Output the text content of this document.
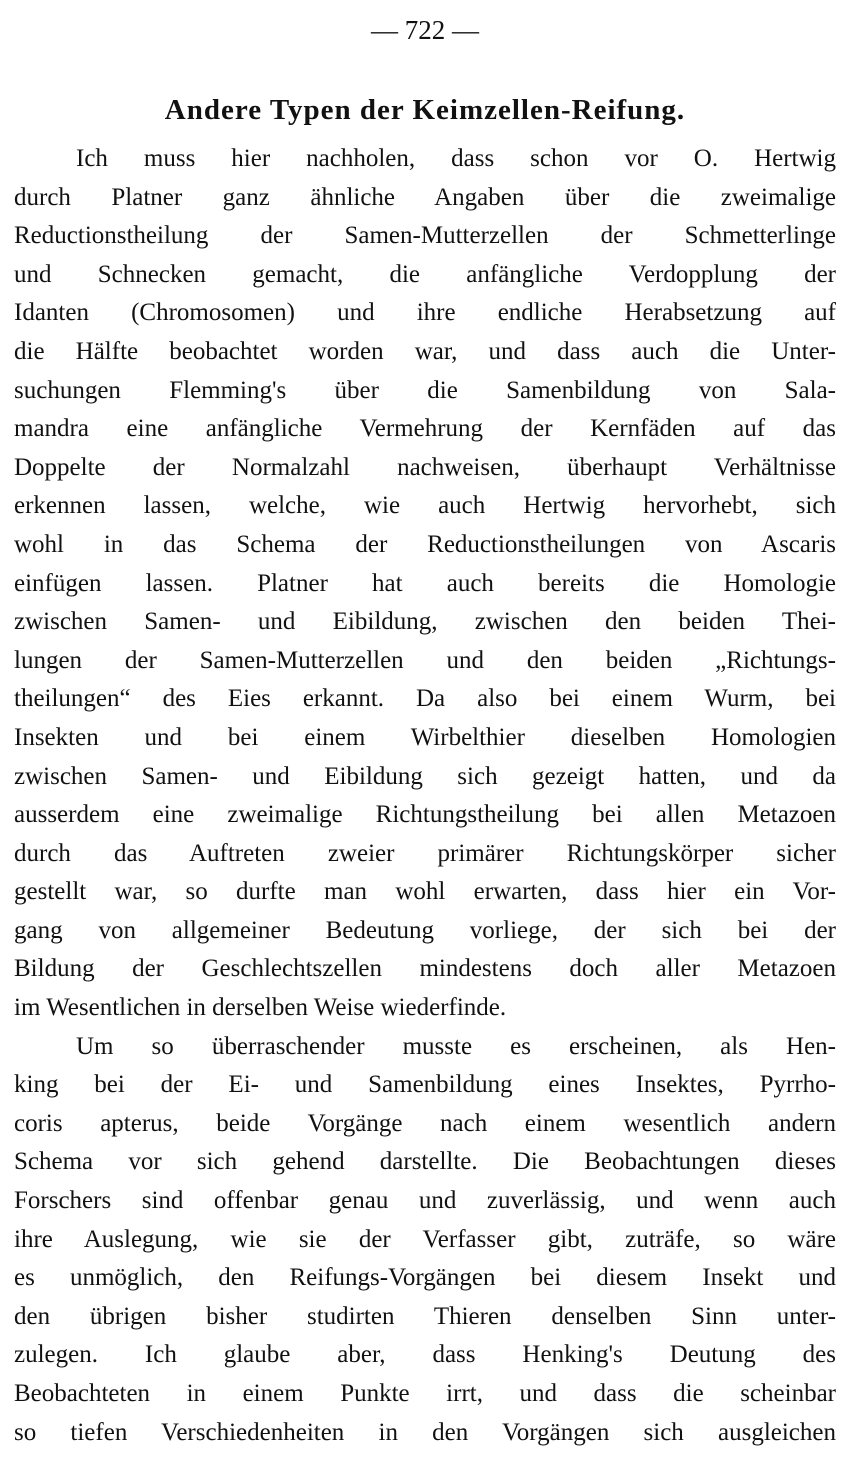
— 722 —
Andere Typen der Keimzellen-Reifung.
Ich muss hier nachholen, dass schon vor O. Hertwig
durch Platner ganz ähnliche Angaben über die zweimalige
Reductionstheilung der Samen-Mutterzellen der Schmetterlinge
und Schnecken gemacht, die anfängliche Verdopplung der
Idanten (Chromosomen) und ihre endliche Herabsetzung auf
die Hälfte beobachtet worden war, und dass auch die Unter-
suchungen Flemming's über die Samenbildung von Sala-
mandra eine anfängliche Vermehrung der Kernfäden auf das
Doppelte der Normalzahl nachweisen, überhaupt Verhältnisse
erkennen lassen, welche, wie auch Hertwig hervorhebt, sich
wohl in das Schema der Reductionstheilungen von Ascaris
einfügen lassen. Platner hat auch bereits die Homologie
zwischen Samen- und Eibildung, zwischen den beiden Thei-
lungen der Samen-Mutterzellen und den beiden „Richtungs-
theilungen“ des Eies erkannt. Da also bei einem Wurm, bei
Insekten und bei einem Wirbelthier dieselben Homologien
zwischen Samen- und Eibildung sich gezeigt hatten, und da
ausserdem eine zweimalige Richtungstheilung bei allen Metazoen
durch das Auftreten zweier primärer Richtungskörper sicher
gestellt war, so durfte man wohl erwarten, dass hier ein Vor-
gang von allgemeiner Bedeutung vorliege, der sich bei der
Bildung der Geschlechtszellen mindestens doch aller Metazoen
im Wesentlichen in derselben Weise wiederfinde.
Um so überraschender musste es erscheinen, als Hen-
king bei der Ei- und Samenbildung eines Insektes, Pyrrho-
coris apterus, beide Vorgänge nach einem wesentlich andern
Schema vor sich gehend darstellte. Die Beobachtungen dieses
Forschers sind offenbar genau und zuverlässig, und wenn auch
ihre Auslegung, wie sie der Verfasser gibt, zuträfe, so wäre
es unmöglich, den Reifungs-Vorgängen bei diesem Insekt und
den übrigen bisher studirten Thieren denselben Sinn unter-
zulegen. Ich glaube aber, dass Henking's Deutung des
Beobachteten in einem Punkte irrt, und dass die scheinbar
so tiefen Verschiedenheiten in den Vorgängen sich ausgleichen
